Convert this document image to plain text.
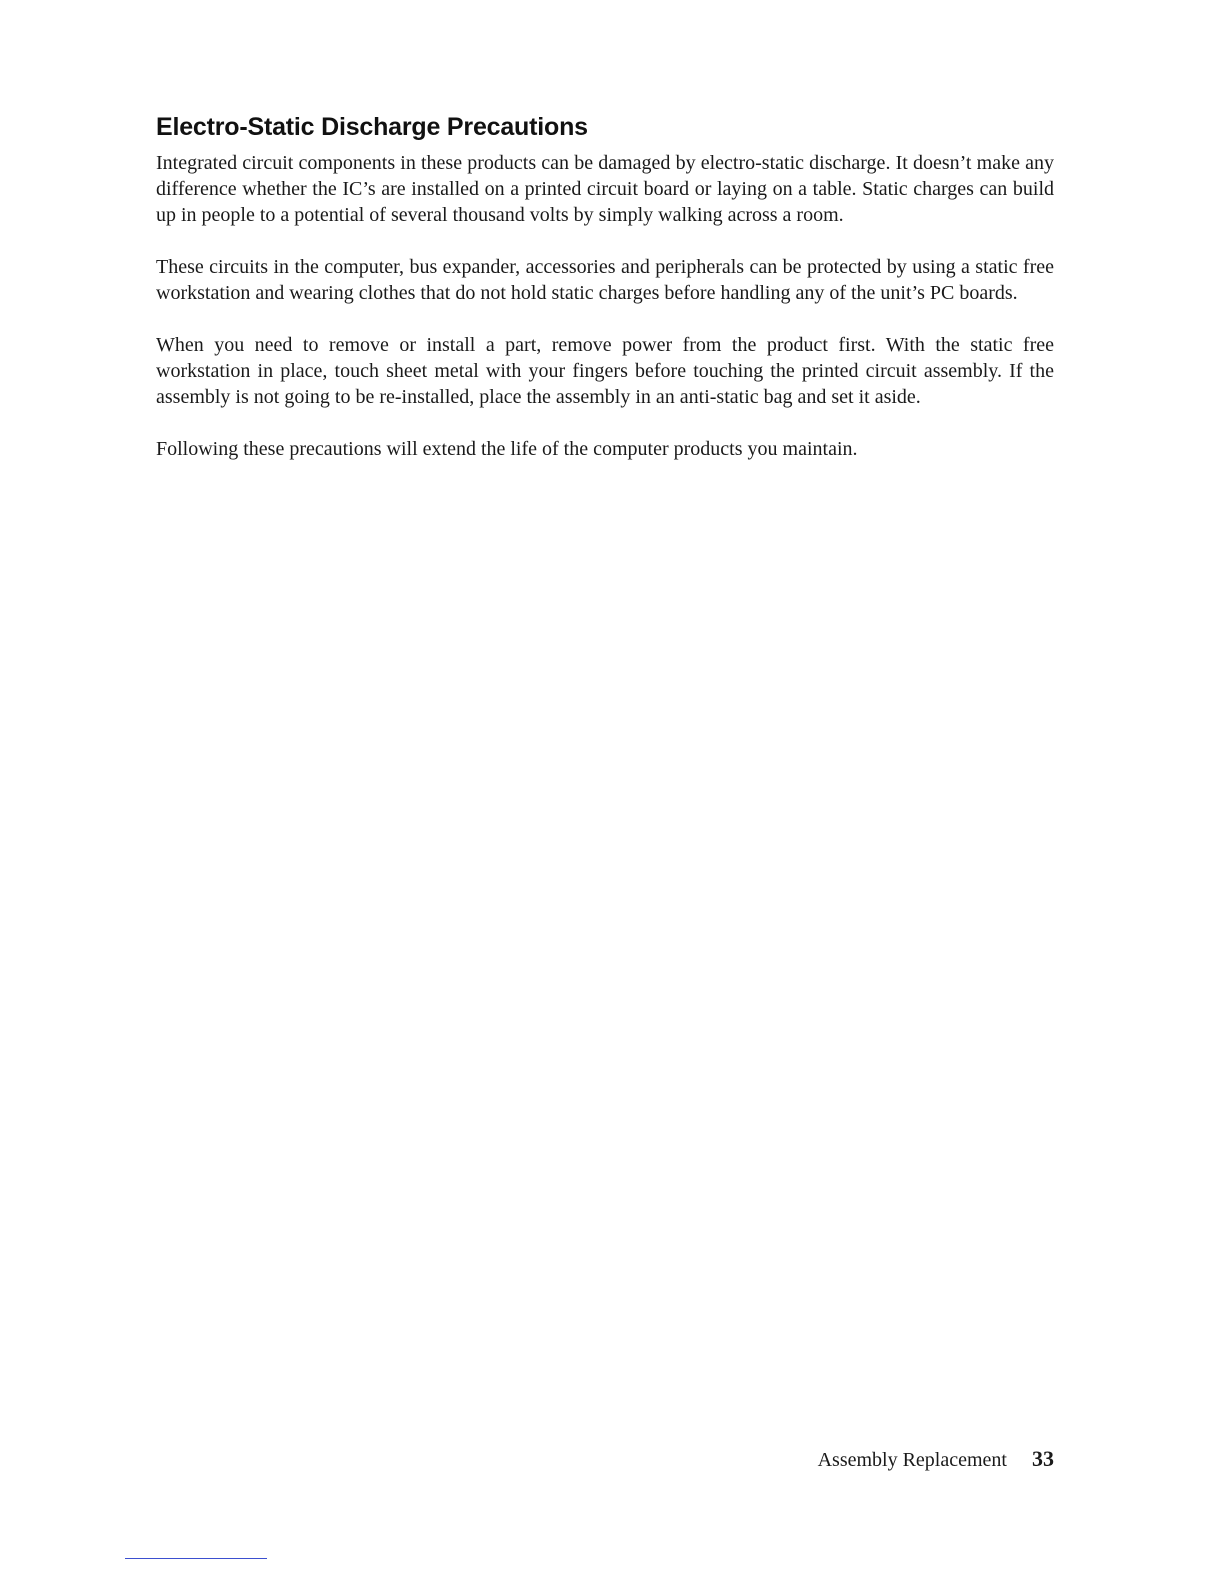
Electro-Static Discharge Precautions

Integrated circuit components in these products can be damaged by electro-static discharge. It doesn’t make any difference whether the IC’s are installed on a printed circuit board or laying on a table. Static charges can build up in people to a potential of several thousand volts by simply walking across a room.

These circuits in the computer, bus expander, accessories and peripherals can be protected by using a static free workstation and wearing clothes that do not hold static charges before handling any of the unit’s PC boards.

When you need to remove or install a part, remove power from the product first. With the static free workstation in place, touch sheet metal with your fingers before touching the printed circuit assembly. If the assembly is not going to be re-installed, place the assembly in an anti-static bag and set it aside.

Following these precautions will extend the life of the computer products you maintain.

Assembly Replacement 33
